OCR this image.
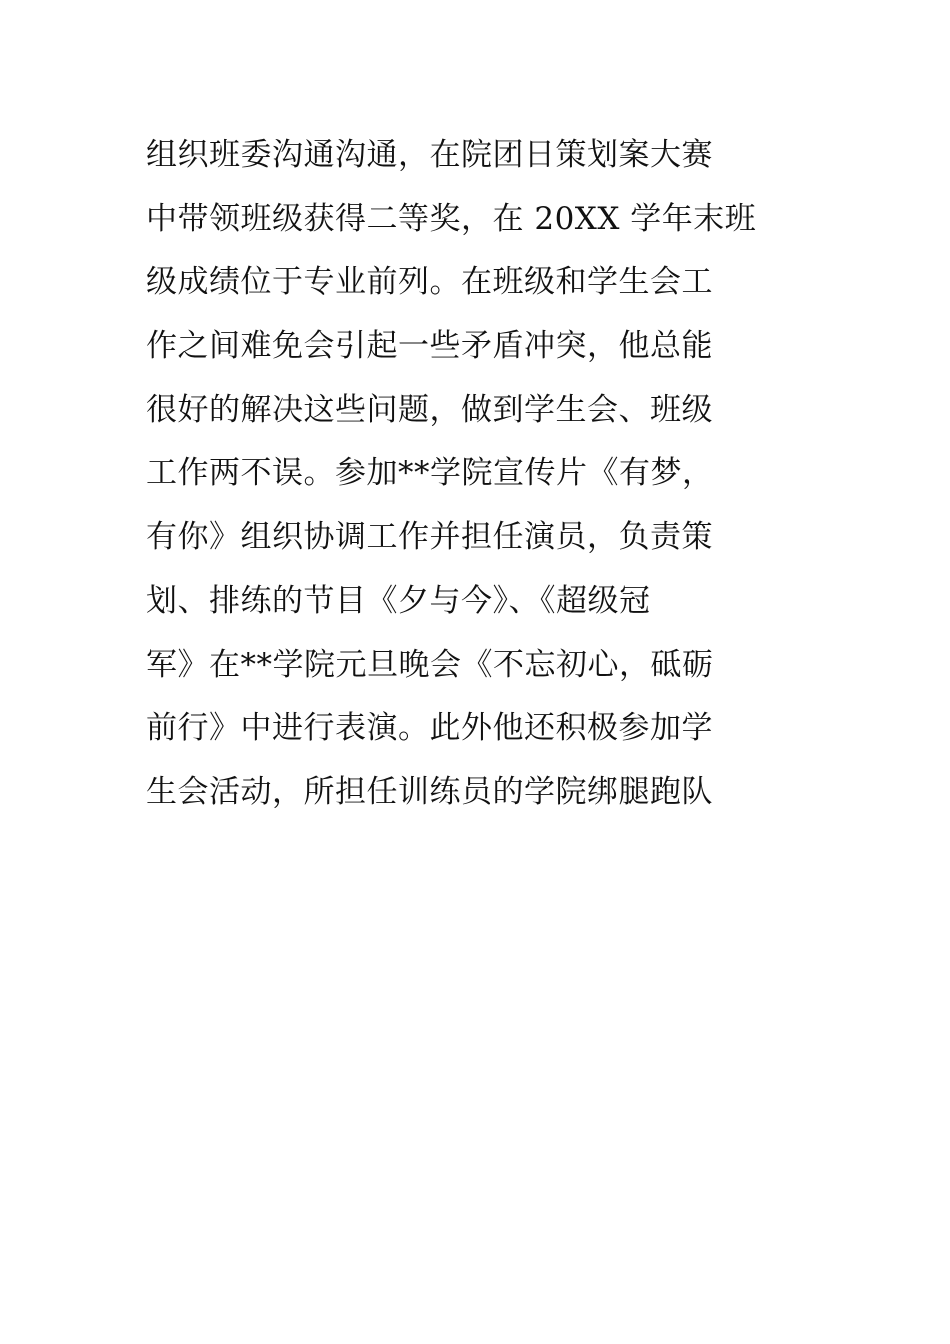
组织班委沟通沟通，在院团日策划案大赛
中带领班级获得二等奖，在 20XX 学年末班
级成绩位于专业前列。在班级和学生会工
作之间难免会引起一些矛盾冲突，他总能
很好的解决这些问题，做到学生会、班级
工作两不误。参加**学院宣传片《有梦，
有你》组织协调工作并担任演员，负责策
划、排练的节目《夕与今》、《超级冠
军》在**学院元旦晚会《不忘初心，砥砺
前行》中进行表演。此外他还积极参加学
生会活动，所担任训练员的学院绑腿跑队
